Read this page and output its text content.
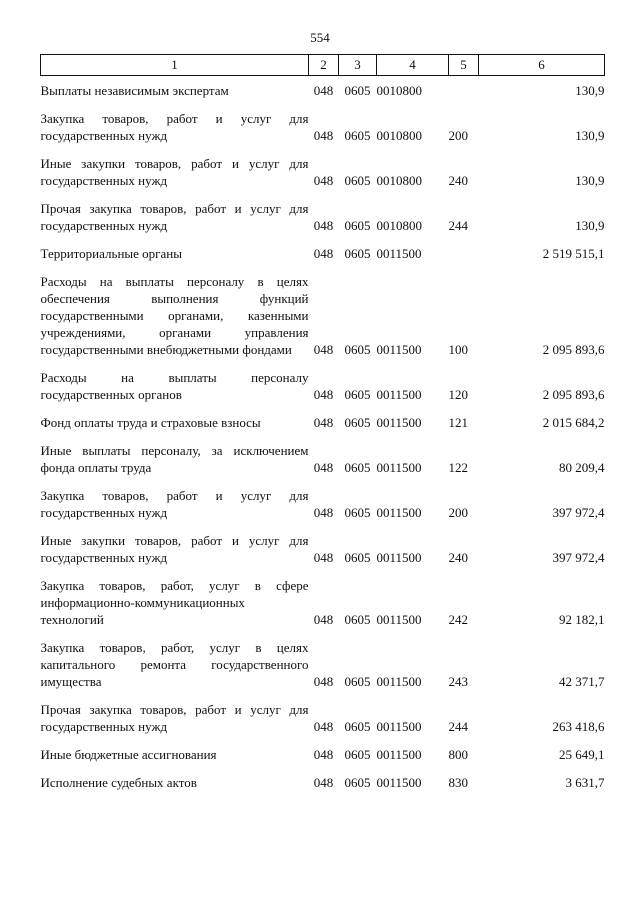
554
1	2	3	4	5	6
Выплаты независимым экспертам	048	0605	0010800		130,9
Закупка товаров, работ и услуг для государственных нужд	048	0605	0010800	200	130,9
Иные закупки товаров, работ и услуг для государственных нужд	048	0605	0010800	240	130,9
Прочая закупка товаров, работ и услуг для государственных нужд	048	0605	0010800	244	130,9
Территориальные органы	048	0605	0011500		2 519 515,1
Расходы на выплаты персоналу в целях обеспечения выполнения функций государственными органами, казенными учреждениями, органами управления государственными внебюджетными фондами	048	0605	0011500	100	2 095 893,6
Расходы на выплаты персоналу государственных органов	048	0605	0011500	120	2 095 893,6
Фонд оплаты труда и страховые взносы	048	0605	0011500	121	2 015 684,2
Иные выплаты персоналу, за исключением фонда оплаты труда	048	0605	0011500	122	80 209,4
Закупка товаров, работ и услуг для государственных нужд	048	0605	0011500	200	397 972,4
Иные закупки товаров, работ и услуг для государственных нужд	048	0605	0011500	240	397 972,4
Закупка товаров, работ, услуг в сфере информационно-коммуникационных технологий	048	0605	0011500	242	92 182,1
Закупка товаров, работ, услуг в целях капитального ремонта государственного имущества	048	0605	0011500	243	42 371,7
Прочая закупка товаров, работ и услуг для государственных нужд	048	0605	0011500	244	263 418,6
Иные бюджетные ассигнования	048	0605	0011500	800	25 649,1
Исполнение судебных актов	048	0605	0011500	830	3 631,7
